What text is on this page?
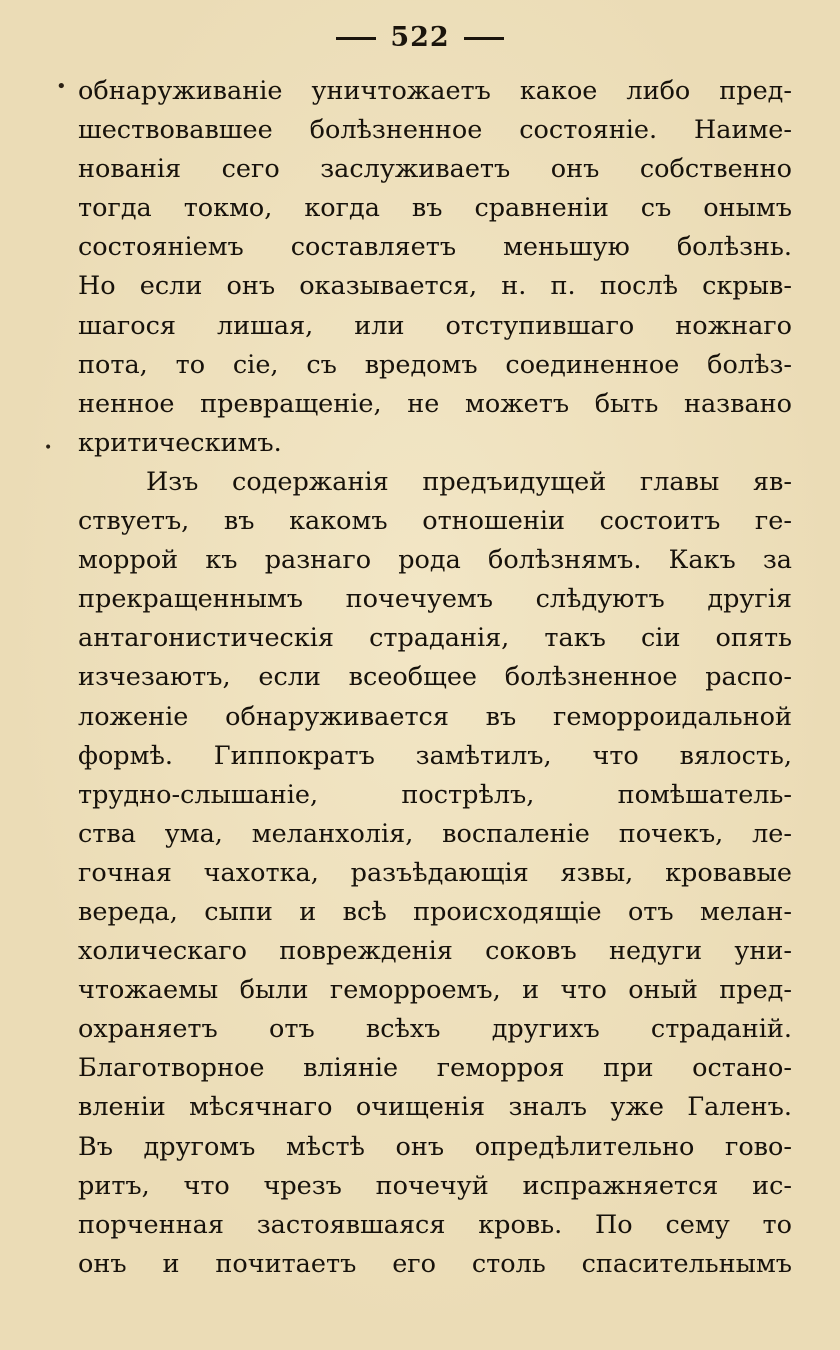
522
•
•
обнаруживанie уничтожаетъ какое либо пред-
шествовавшее болѣзненное состоянie. Наиме-
нованія сего заслуживаетъ онъ собственно
тогда токмо, когда въ сравненіи съ онымъ
состояніемъ составляетъ меньшую болѣзнь.
Но если онъ оказывается, н. п. послѣ скрыв-
шагося лишая, или отступившаго ножнаго
пота, то сіе, съ вредомъ соединенное болѣз-
ненное превращеніе, не можетъ быть названо
критическимъ.
Изъ содержанія предъидущей главы яв-
ствуетъ, въ какомъ отношеніи состоитъ ге-
моррой къ разнаго рода болѣзнямъ. Какъ за
прекращеннымъ почечуемъ слѣдуютъ другія
антагонистическія страданія, такъ сіи опять
изчезаютъ, если всеобщее болѣзненное распо-
ложеніе обнаруживается въ геморроидальной
формѣ. Гиппократъ замѣтилъ, что вялость,
трудно-слышаніе, пострѣлъ, помѣшатель-
ства ума, меланхолія, воспаленіе почекъ, ле-
гочная чахотка, разъѣдающія язвы, кровавые
вереда, сыпи и всѣ происходящіе отъ мелан-
холическаго поврежденія соковъ недуги уни-
чтожаемы были геморроемъ, и что оный пред-
охраняетъ отъ всѣхъ другихъ страданій.
Благотворное вліяніе геморроя при остано-
вленіи мѣсячнаго очищенія зналъ уже Галенъ.
Въ другомъ мѣстѣ онъ опредѣлительно гово-
ритъ, что чрезъ почечуй испражняется ис-
порченная застоявшаяся кровь. По сему то
онъ и почитаетъ его столь спасительнымъ
